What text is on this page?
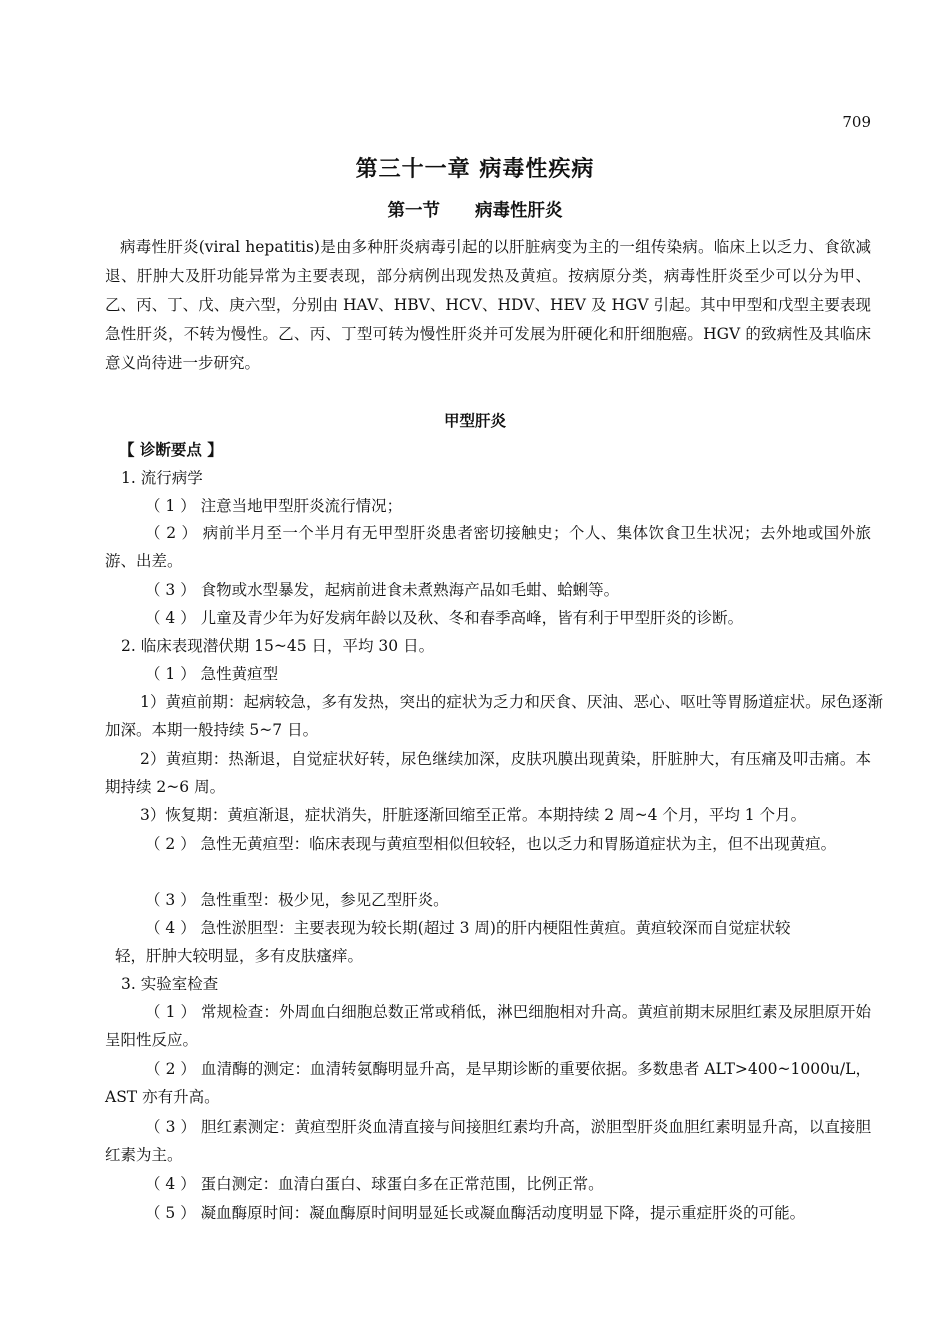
709
第三十一章 病毒性疾病
第一节　　病毒性肝炎

病毒性肝炎(viral hepatitis)是由多种肝炎病毒引起的以肝脏病变为主的一组传染病。临床上以乏力、食欲减退、肝肿大及肝功能异常为主要表现，部分病例出现发热及黄疸。按病原分类，病毒性肝炎至少可以分为甲、乙、丙、丁、戊、庚六型，分别由 HAV、HBV、HCV、HDV、HEV 及 HGV 引起。其中甲型和戊型主要表现急性肝炎，不转为慢性。乙、丙、丁型可转为慢性肝炎并可发展为肝硬化和肝细胞癌。HGV 的致病性及其临床意义尚待进一步研究。

甲型肝炎
【 诊断要点 】
1. 流行病学
（ 1 ） 注意当地甲型肝炎流行情况；

（ 2 ） 病前半月至一个半月有无甲型肝炎患者密切接触史；个人、集体饮食卫生状况；去外地或国外旅游、出差。

（ 3 ） 食物或水型暴发，起病前进食未煮熟海产品如毛蚶、蛤蜊等。
（ 4 ） 儿童及青少年为好发病年龄以及秋、冬和春季高峰，皆有利于甲型肝炎的诊断。
2. 临床表现潜伏期 15~45 日，平均 30 日。
（ 1 ） 急性黄疸型

1）黄疸前期：起病较急，多有发热，突出的症状为乏力和厌食、厌油、恶心、呕吐等胃肠道症状。尿色逐渐加深。本期一般持续 5~7 日。

2）黄疸期：热渐退，自觉症状好转，尿色继续加深，皮肤巩膜出现黄染，肝脏肿大，有压痛及叩击痛。本期持续 2~6 周。

3）恢复期：黄疸渐退，症状消失，肝脏逐渐回缩至正常。本期持续 2 周~4 个月，平均 1 个月。

（ 2 ） 急性无黄疸型：临床表现与黄疸型相似但较轻，也以乏力和胃肠道症状为主，但不出现黄疸。

（ 3 ） 急性重型：极少见，参见乙型肝炎。
（ 4 ） 急性淤胆型：主要表现为较长期(超过 3 周)的肝内梗阻性黄疸。黄疸较深而自觉症状较
轻，肝肿大较明显，多有皮肤瘙痒。
3. 实验室检查

（ 1 ） 常规检查：外周血白细胞总数正常或稍低，淋巴细胞相对升高。黄疸前期末尿胆红素及尿胆原开始呈阳性反应。

（ 2 ） 血清酶的测定：血清转氨酶明显升高，是早期诊断的重要依据。多数患者 ALT>400~1000u/L，AST 亦有升高。

（ 3 ） 胆红素测定：黄疸型肝炎血清直接与间接胆红素均升高，淤胆型肝炎血胆红素明显升高，以直接胆红素为主。

（ 4 ） 蛋白测定：血清白蛋白、球蛋白多在正常范围，比例正常。

（ 5 ） 凝血酶原时间：凝血酶原时间明显延长或凝血酶活动度明显下降，提示重症肝炎的可能。
